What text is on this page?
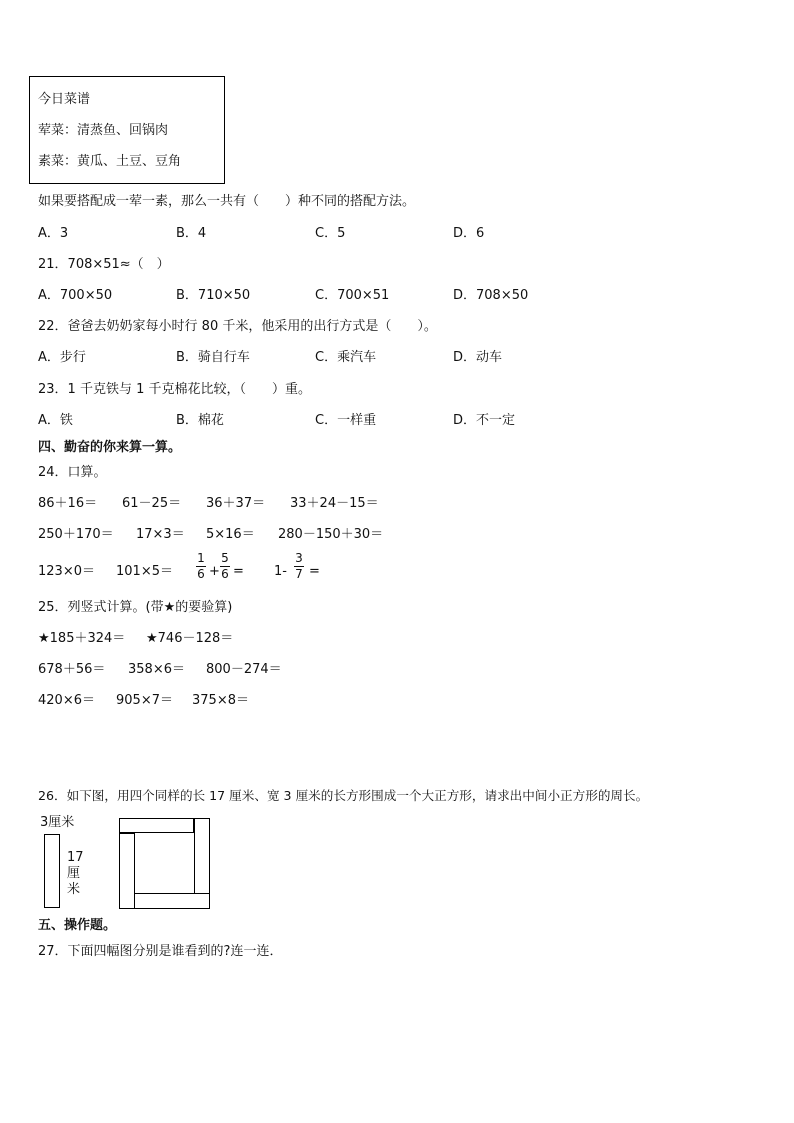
今日菜谱
荤菜：清蒸鱼、回锅肉
素菜：黄瓜、土豆、豆角
如果要搭配成一荤一素，那么一共有（　　）种不同的搭配方法。
A．3	B．4	C．5	D．6
21．708×51≈（　）
A．700×50	B．710×50	C．700×51	D．708×50
22．爸爸去奶奶家每小时行 80 千米，他采用的出行方式是（　　）。
A．步行	B．骑自行车	C．乘汽车	D．动车
23．1 千克铁与 1 千克棉花比较，（　　）重。
A．铁	B．棉花	C．一样重	D．不一定
四、勤奋的你来算一算。
24．口算。
86＋16＝ 61－25＝ 36＋37＝ 33＋24－15＝
250＋170＝ 17×3＝ 5×16＝ 280－150＋30＝
123×0＝ 101×5＝
1
6 +
5
6 = 1-
3
7 =
25．列竖式计算。(带★的要验算)
★185＋324＝ ★746－128＝
678＋56＝ 358×6＝ 800－274＝
420×6＝ 905×7＝ 375×8＝
26．如下图，用四个同样的长 17 厘米、宽 3 厘米的长方形围成一个大正方形，请求出中间小正方形的周长。
3厘米
17
厘
米
五、操作题。
27．下面四幅图分别是谁看到的?连一连．
